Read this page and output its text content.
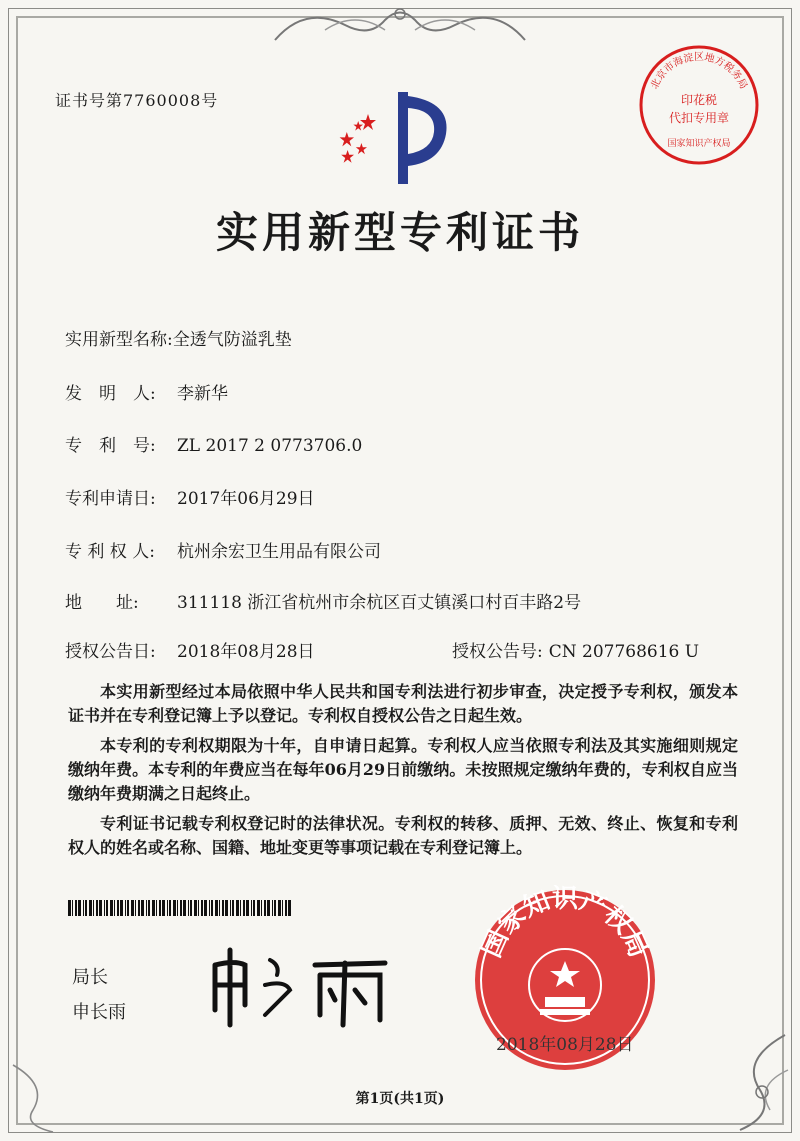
证书号第7760008号
实用新型专利证书
北京市海淀区地方税务局
印花税
代扣专用章
国家知识产权局
实用新型名称:全透气防溢乳垫
发　明　人: 李新华
专　利　号: ZL 2017 2 0773706.0
专利申请日: 2017年06月29日
专 利 权 人: 杭州余宏卫生用品有限公司
地　　址: 311118 浙江省杭州市余杭区百丈镇溪口村百丰路2号
授权公告日: 2018年08月28日	授权公告号: CN 207768616 U

本实用新型经过本局依照中华人民共和国专利法进行初步审查，决定授予专利权，颁发本证书并在专利登记簿上予以登记。专利权自授权公告之日起生效。

本专利的专利权期限为十年，自申请日起算。专利权人应当依照专利法及其实施细则规定缴纳年费。本专利的年费应当在每年06月29日前缴纳。未按照规定缴纳年费的，专利权自应当缴纳年费期满之日起终止。

专利证书记载专利权登记时的法律状况。专利权的转移、质押、无效、终止、恢复和专利权人的姓名或名称、国籍、地址变更等事项记载在专利登记簿上。

局长
申长雨
国家知识产权局
2018年08月28日
第1页(共1页)
